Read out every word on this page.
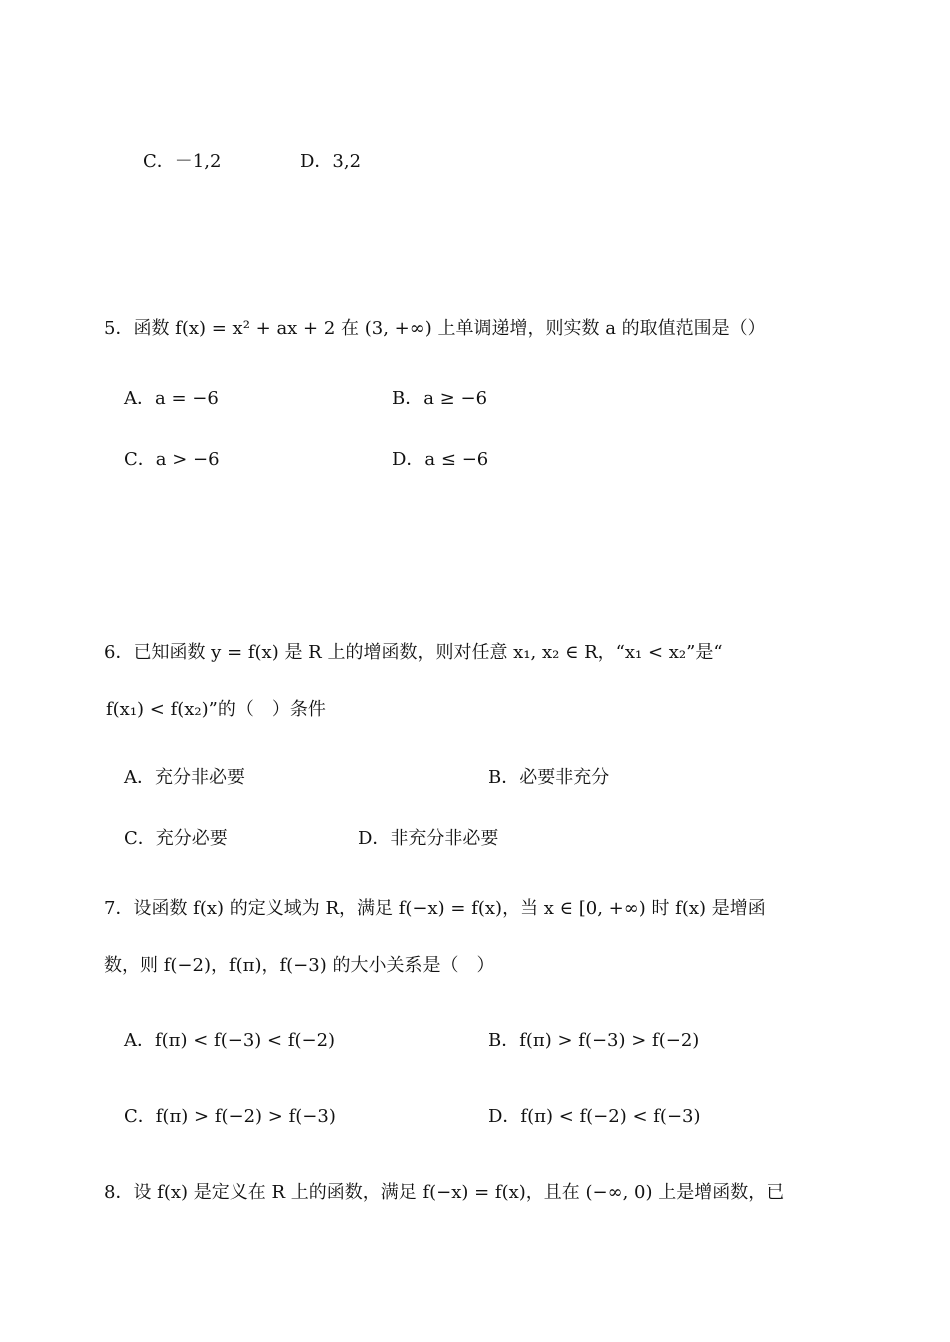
C．－1,2	D．3,2
5．函数 f(x) = x² + ax + 2 在 (3, +∞) 上单调递增，则实数 a 的取值范围是（）
A．a = −6	B．a ≥ −6
C．a > −6	D．a ≤ −6
6．已知函数 y = f(x) 是 R 上的增函数，则对任意 x₁, x₂ ∈ R，“x₁ < x₂”是“
f(x₁) < f(x₂)”的（　）条件
A．充分非必要	B．必要非充分
C．充分必要	D．非充分非必要
7．设函数 f(x) 的定义域为 R，满足 f(−x) = f(x)，当 x ∈ [0, +∞) 时 f(x) 是增函
数，则 f(−2)，f(π)，f(−3) 的大小关系是（　）
A．f(π) < f(−3) < f(−2)	B．f(π) > f(−3) > f(−2)
C．f(π) > f(−2) > f(−3)	D．f(π) < f(−2) < f(−3)
8．设 f(x) 是定义在 R 上的函数，满足 f(−x) = f(x)，且在 (−∞, 0) 上是增函数，已
